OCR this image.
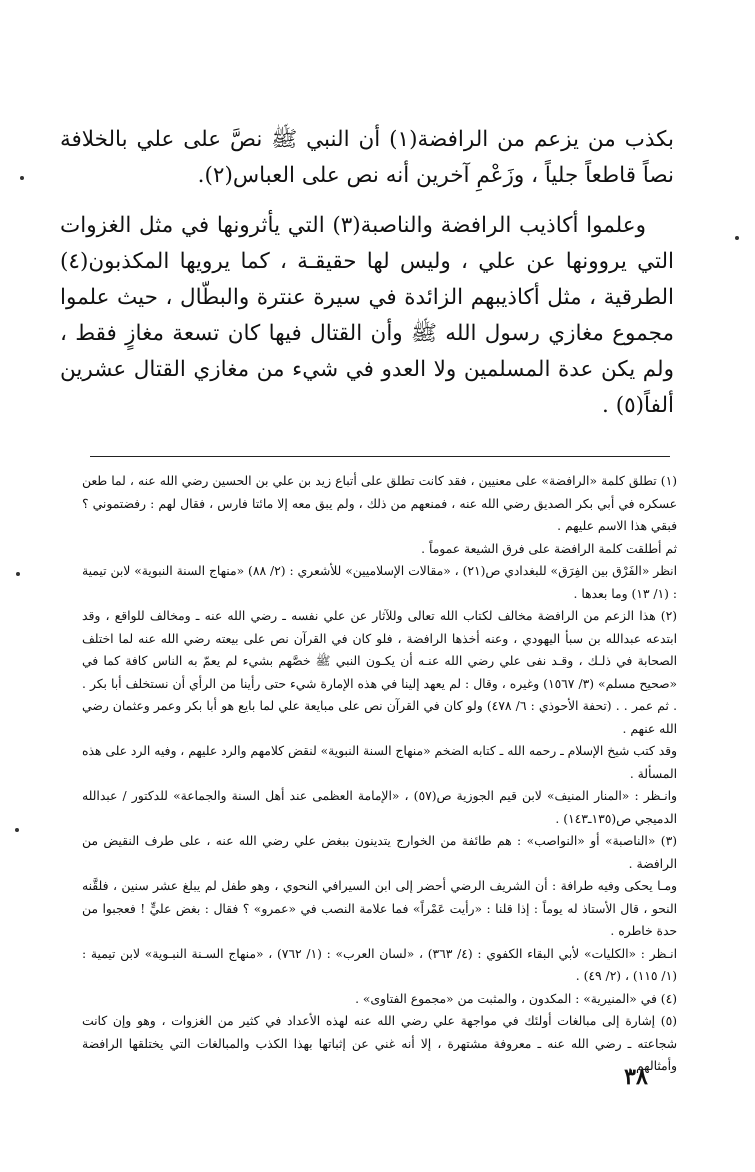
بكذب من يزعم من الرافضة(١) أن النبي ﷺ نصَّ على علي بالخلافة نصاً قاطعاً جلياً ، وزَعْمِ آخرين أنه نص على العباس(٢).

وعلموا أكاذيب الرافضة والناصبة(٣) التي يأثرونها في مثل الغزوات التي يروونها عن علي ، وليس لها حقيقـة ، كما يرويها المكذبون(٤) الطرقية ، مثل أكاذيبهم الزائدة في سيرة عنترة والبطّال ، حيث علموا مجموع مغازي رسول الله ﷺ وأن القتال فيها كان تسعة مغازٍ فقط ، ولم يكن عدة المسلمين ولا العدو في شيء من مغازي القتال عشرين ألفاً(٥) .

(١) تطلق كلمة «الرافضة» على معنيين ، فقد كانت تطلق على أتباع زيد بن علي بن الحسين رضي الله عنه ، لما طعن عسكره في أبي بكر الصديق رضي الله عنه ، فمنعهم من ذلك ، ولم يبق معه إلا مائتا فارس ، فقال لهم : رفضتموني ؟ فبقي هذا الاسم عليهم .

ثم أطلقت كلمة الرافضة على فرق الشيعة عموماً .

انظر «الفَرْق بين الفِرَق» للبغدادي ص(٢١) ، «مقالات الإسلاميين» للأشعري : (٢/ ٨٨) «منهاج السنة النبوية» لابن تيمية : (١/ ١٣) وما بعدها .

(٢) هذا الزعم من الرافضة مخالف لكتاب الله تعالى وللآثار عن علي نفسه ـ رضي الله عنه ـ ومخالف للواقع ، وقد ابتدعه عبدالله بن سبأ اليهودي ، وعنه أخذها الرافضة ، فلو كان في القرآن نص على بيعته رضي الله عنه لما اختلف الصحابة في ذلـك ، وقـد نفى علي رضي الله عنـه أن يكـون النبي ﷺ خصَّهم بشيء لم يعمّ به الناس كافة كما في «صحيح مسلم» (٣/ ١٥٦٧) وغيره ، وقال : لم يعهد إلينا في هذه الإمارة شيء حتى رأينا من الرأي أن نستخلف أبا بكر . . ثم عمر . . (تحفة الأحوذي : ٦/ ٤٧٨) ولو كان في القرآن نص على مبايعة علي لما بايع هو أبا بكر وعمر وعثمان رضي الله عنهم .

وقد كتب شيخ الإسلام ـ رحمه الله ـ كتابه الضخم «منهاج السنة النبوية» لنقض كلامهم والرد عليهم ، وفيه الرد على هذه المسألة .

وانـظر : «المنار المنيف» لابن قيم الجوزية ص(٥٧) ، «الإمامة العظمى عند أهل السنة والجماعة» للدكتور / عبدالله الدميجي ص(١٣٥ـ١٤٣) .

(٣) «الناصبة» أو «النواصب» : هم طائفة من الخوارج يتدينون ببغض علي رضي الله عنه ، على طرف النقيض من الرافضة .

ومـا يحكى وفيه طرافة : أن الشريف الرضي أحضر إلى ابن السيرافي النحوي ، وهو طفل لم يبلغ عشر سنين ، فلقَّنه النحو ، قال الأستاذ له يوماً : إذا قلنا : «رأيت عَمْراً» فما علامة النصب في «عمرو» ؟ فقال : بغض عليٍّ ! فعجبوا من حدة خاطره .

انـظر : «الكليات» لأبي البقاء الكفوي : (٤/ ٣٦٣) ، «لسان العرب» : (١/ ٧٦٢) ، «منهاج السـنة النبـوية» لابن تيمية : (١/ ١١٥) ، (٢/ ٤٩) .

(٤) في «المنيرية» : المكدون ، والمثبت من «مجموع الفتاوى» .

(٥) إشارة إلى مبالغات أولئك في مواجهة علي رضي الله عنه لهذه الأعداد في كثير من الغزوات ، وهو وإن كانت شجاعته ـ رضي الله عنه ـ معروفة مشتهرة ، إلا أنه غني عن إثباتها بهذا الكذب والمبالغات التي يختلقها الرافضة وأمثالهم .

٣٨
